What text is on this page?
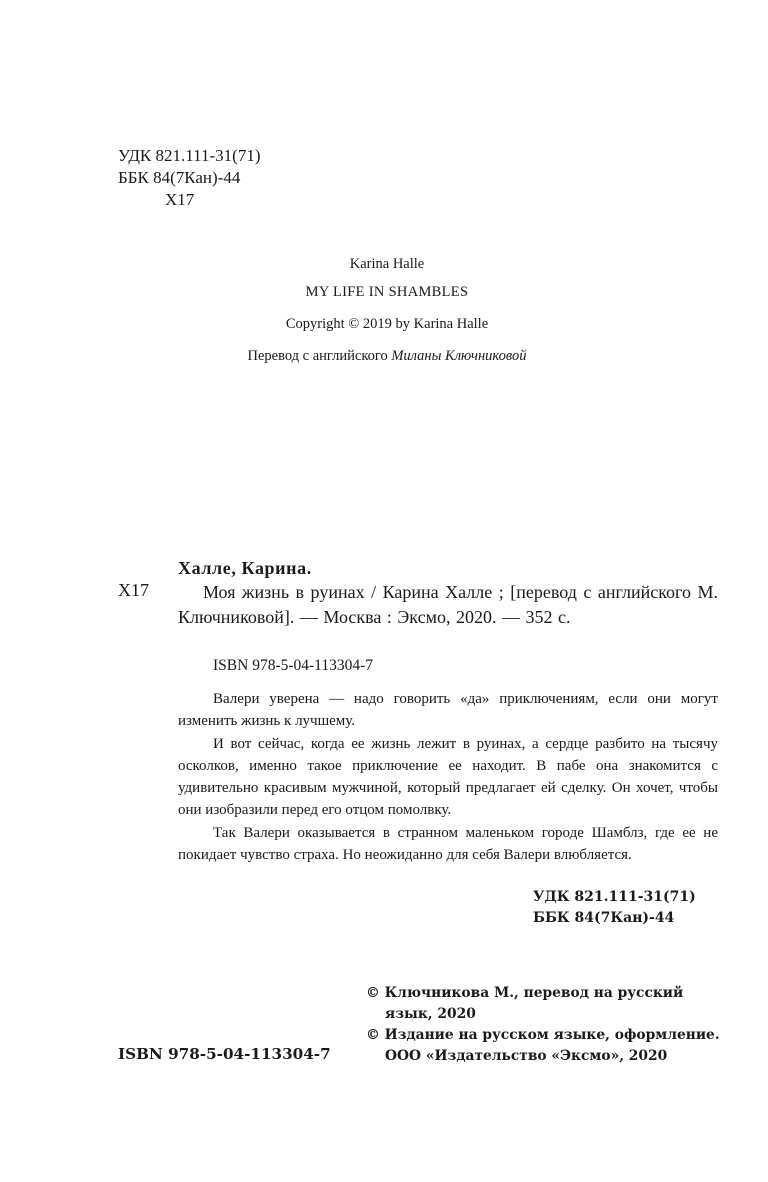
УДК 821.111-31(71)
ББК 84(7Кан)-44
Х17
Karina Halle
MY LIFE IN SHAMBLES
Copyright © 2019 by Karina Halle
Перевод с английского Миланы Ключниковой
Халле, Карина.
Х17	Моя жизнь в руинах / Карина Халле ; [перевод с английского М. Ключниковой]. — Москва : Эксмо, 2020. — 352 с.
ISBN 978-5-04-113304-7

Валери уверена — надо говорить «да» приключениям, если они могут изменить жизнь к лучшему.

И вот сейчас, когда ее жизнь лежит в руинах, а сердце разбито на тысячу осколков, именно такое приключение ее находит. В пабе она знакомится с удивительно красивым мужчиной, который предлагает ей сделку. Он хочет, чтобы они изобразили перед его отцом помолвку.

Так Валери оказывается в странном маленьком городе Шамблз, где ее не покидает чувство страха. Но неожиданно для себя Валери влюбляется.

УДК 821.111-31(71)
ББК 84(7Кан)-44
© Ключникова М., перевод на русский
язык, 2020
© Издание на русском языке, оформление.
ООО «Издательство «Эксмо», 2020
ISBN 978-5-04-113304-7
